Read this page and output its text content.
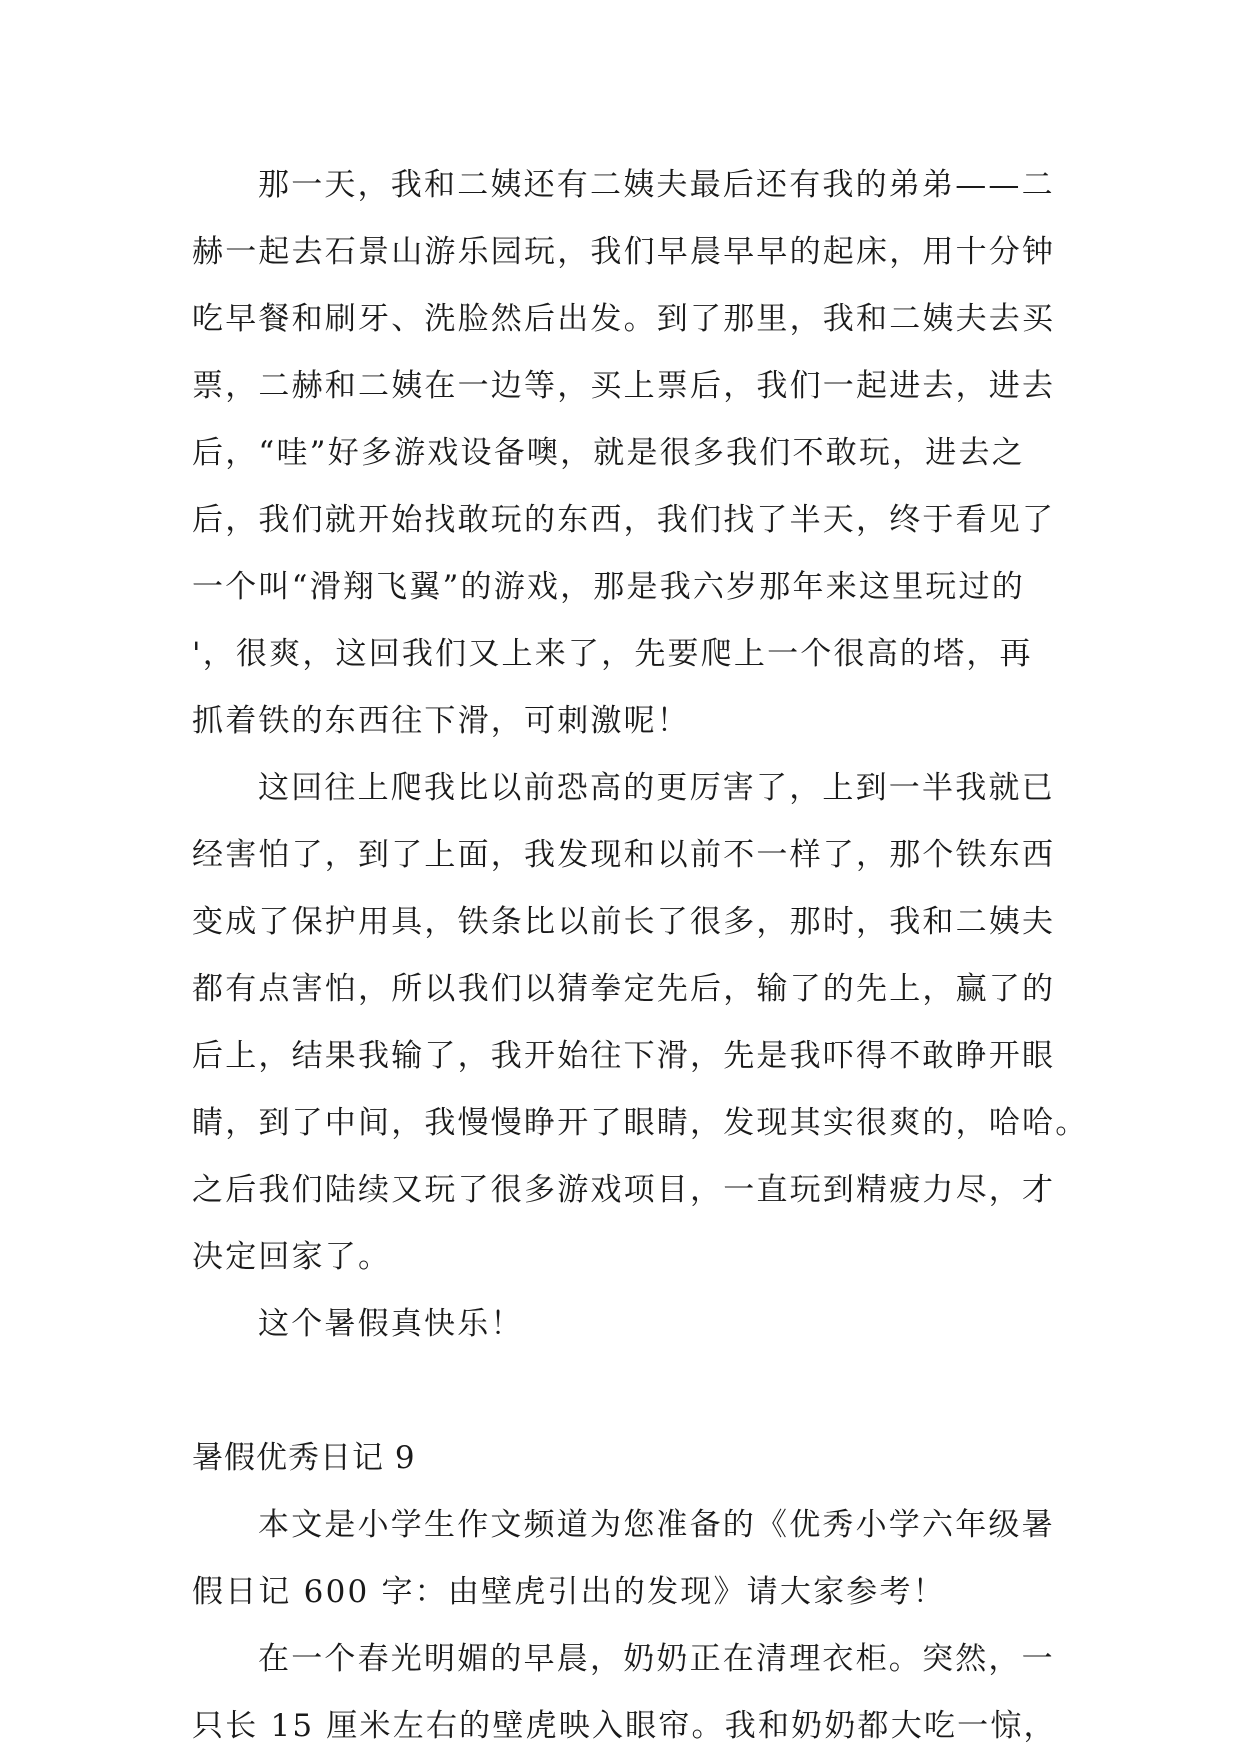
那一天，我和二姨还有二姨夫最后还有我的弟弟——二
赫一起去石景山游乐园玩，我们早晨早早的起床，用十分钟
吃早餐和刷牙、洗脸然后出发。到了那里，我和二姨夫去买
票，二赫和二姨在一边等，买上票后，我们一起进去，进去
后，“哇”好多游戏设备噢，就是很多我们不敢玩，进去之
后，我们就开始找敢玩的东西，我们找了半天，终于看见了
一个叫“滑翔飞翼”的游戏，那是我六岁那年来这里玩过的
'，很爽，这回我们又上来了，先要爬上一个很高的塔，再
抓着铁的东西往下滑，可刺激呢！
这回往上爬我比以前恐高的更厉害了，上到一半我就已
经害怕了，到了上面，我发现和以前不一样了，那个铁东西
变成了保护用具，铁条比以前长了很多，那时，我和二姨夫
都有点害怕，所以我们以猜拳定先后，输了的先上，赢了的
后上，结果我输了，我开始往下滑，先是我吓得不敢睁开眼
睛，到了中间，我慢慢睁开了眼睛，发现其实很爽的，哈哈。
之后我们陆续又玩了很多游戏项目，一直玩到精疲力尽，才
决定回家了。
这个暑假真快乐！
暑假优秀日记 9
本文是小学生作文频道为您准备的《优秀小学六年级暑
假日记 600 字：由壁虎引出的发现》请大家参考！
在一个春光明媚的早晨，奶奶正在清理衣柜。突然，一
只长 15 厘米左右的壁虎映入眼帘。我和奶奶都大吃一惊，
